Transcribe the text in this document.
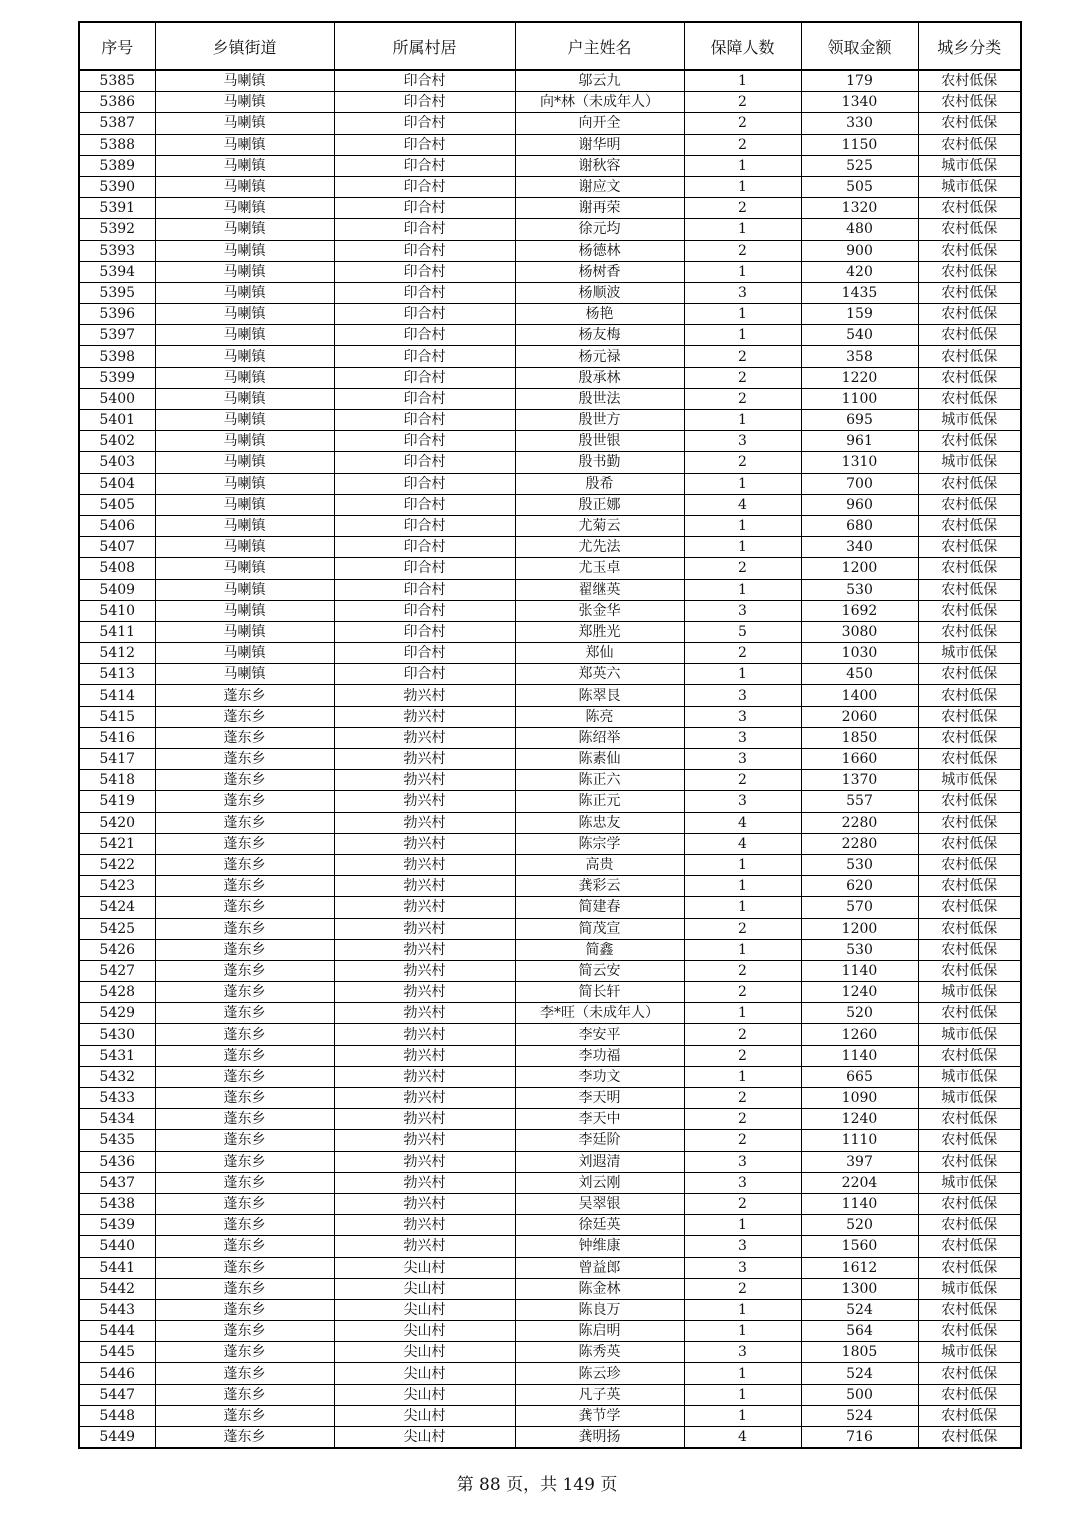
序号	乡镇街道	所属村居	户主姓名	保障人数	领取金额	城乡分类
5385	马喇镇	印合村	邬云九	1	179	农村低保
5386	马喇镇	印合村	向*林（未成年人）	2	1340	农村低保
5387	马喇镇	印合村	向开全	2	330	农村低保
5388	马喇镇	印合村	谢华明	2	1150	农村低保
5389	马喇镇	印合村	谢秋容	1	525	城市低保
5390	马喇镇	印合村	谢应文	1	505	城市低保
5391	马喇镇	印合村	谢再荣	2	1320	农村低保
5392	马喇镇	印合村	徐元均	1	480	农村低保
5393	马喇镇	印合村	杨德林	2	900	农村低保
5394	马喇镇	印合村	杨树香	1	420	农村低保
5395	马喇镇	印合村	杨顺波	3	1435	农村低保
5396	马喇镇	印合村	杨艳	1	159	农村低保
5397	马喇镇	印合村	杨友梅	1	540	农村低保
5398	马喇镇	印合村	杨元禄	2	358	农村低保
5399	马喇镇	印合村	殷承林	2	1220	农村低保
5400	马喇镇	印合村	殷世法	2	1100	农村低保
5401	马喇镇	印合村	殷世方	1	695	城市低保
5402	马喇镇	印合村	殷世银	3	961	农村低保
5403	马喇镇	印合村	殷书勤	2	1310	城市低保
5404	马喇镇	印合村	殷希	1	700	农村低保
5405	马喇镇	印合村	殷正娜	4	960	农村低保
5406	马喇镇	印合村	尤菊云	1	680	农村低保
5407	马喇镇	印合村	尤先法	1	340	农村低保
5408	马喇镇	印合村	尤玉卓	2	1200	农村低保
5409	马喇镇	印合村	翟继英	1	530	农村低保
5410	马喇镇	印合村	张金华	3	1692	农村低保
5411	马喇镇	印合村	郑胜光	5	3080	农村低保
5412	马喇镇	印合村	郑仙	2	1030	城市低保
5413	马喇镇	印合村	郑英六	1	450	农村低保
5414	蓬东乡	勃兴村	陈翠艮	3	1400	农村低保
5415	蓬东乡	勃兴村	陈亮	3	2060	农村低保
5416	蓬东乡	勃兴村	陈绍举	3	1850	农村低保
5417	蓬东乡	勃兴村	陈素仙	3	1660	农村低保
5418	蓬东乡	勃兴村	陈正六	2	1370	城市低保
5419	蓬东乡	勃兴村	陈正元	3	557	农村低保
5420	蓬东乡	勃兴村	陈忠友	4	2280	农村低保
5421	蓬东乡	勃兴村	陈宗学	4	2280	农村低保
5422	蓬东乡	勃兴村	高贵	1	530	农村低保
5423	蓬东乡	勃兴村	龚彩云	1	620	农村低保
5424	蓬东乡	勃兴村	简建春	1	570	农村低保
5425	蓬东乡	勃兴村	简茂宣	2	1200	农村低保
5426	蓬东乡	勃兴村	简鑫	1	530	农村低保
5427	蓬东乡	勃兴村	简云安	2	1140	农村低保
5428	蓬东乡	勃兴村	简长轩	2	1240	城市低保
5429	蓬东乡	勃兴村	李*旺（未成年人）	1	520	农村低保
5430	蓬东乡	勃兴村	李安平	2	1260	城市低保
5431	蓬东乡	勃兴村	李功福	2	1140	农村低保
5432	蓬东乡	勃兴村	李功文	1	665	城市低保
5433	蓬东乡	勃兴村	李天明	2	1090	城市低保
5434	蓬东乡	勃兴村	李天中	2	1240	农村低保
5435	蓬东乡	勃兴村	李廷阶	2	1110	农村低保
5436	蓬东乡	勃兴村	刘遐清	3	397	农村低保
5437	蓬东乡	勃兴村	刘云刚	3	2204	城市低保
5438	蓬东乡	勃兴村	吴翠银	2	1140	农村低保
5439	蓬东乡	勃兴村	徐廷英	1	520	农村低保
5440	蓬东乡	勃兴村	钟维康	3	1560	农村低保
5441	蓬东乡	尖山村	曾益郎	3	1612	农村低保
5442	蓬东乡	尖山村	陈金林	2	1300	城市低保
5443	蓬东乡	尖山村	陈良万	1	524	农村低保
5444	蓬东乡	尖山村	陈启明	1	564	农村低保
5445	蓬东乡	尖山村	陈秀英	3	1805	城市低保
5446	蓬东乡	尖山村	陈云珍	1	524	农村低保
5447	蓬东乡	尖山村	凡子英	1	500	农村低保
5448	蓬东乡	尖山村	龚节学	1	524	农村低保
5449	蓬东乡	尖山村	龚明扬	4	716	农村低保
第 88 页，共 149 页
